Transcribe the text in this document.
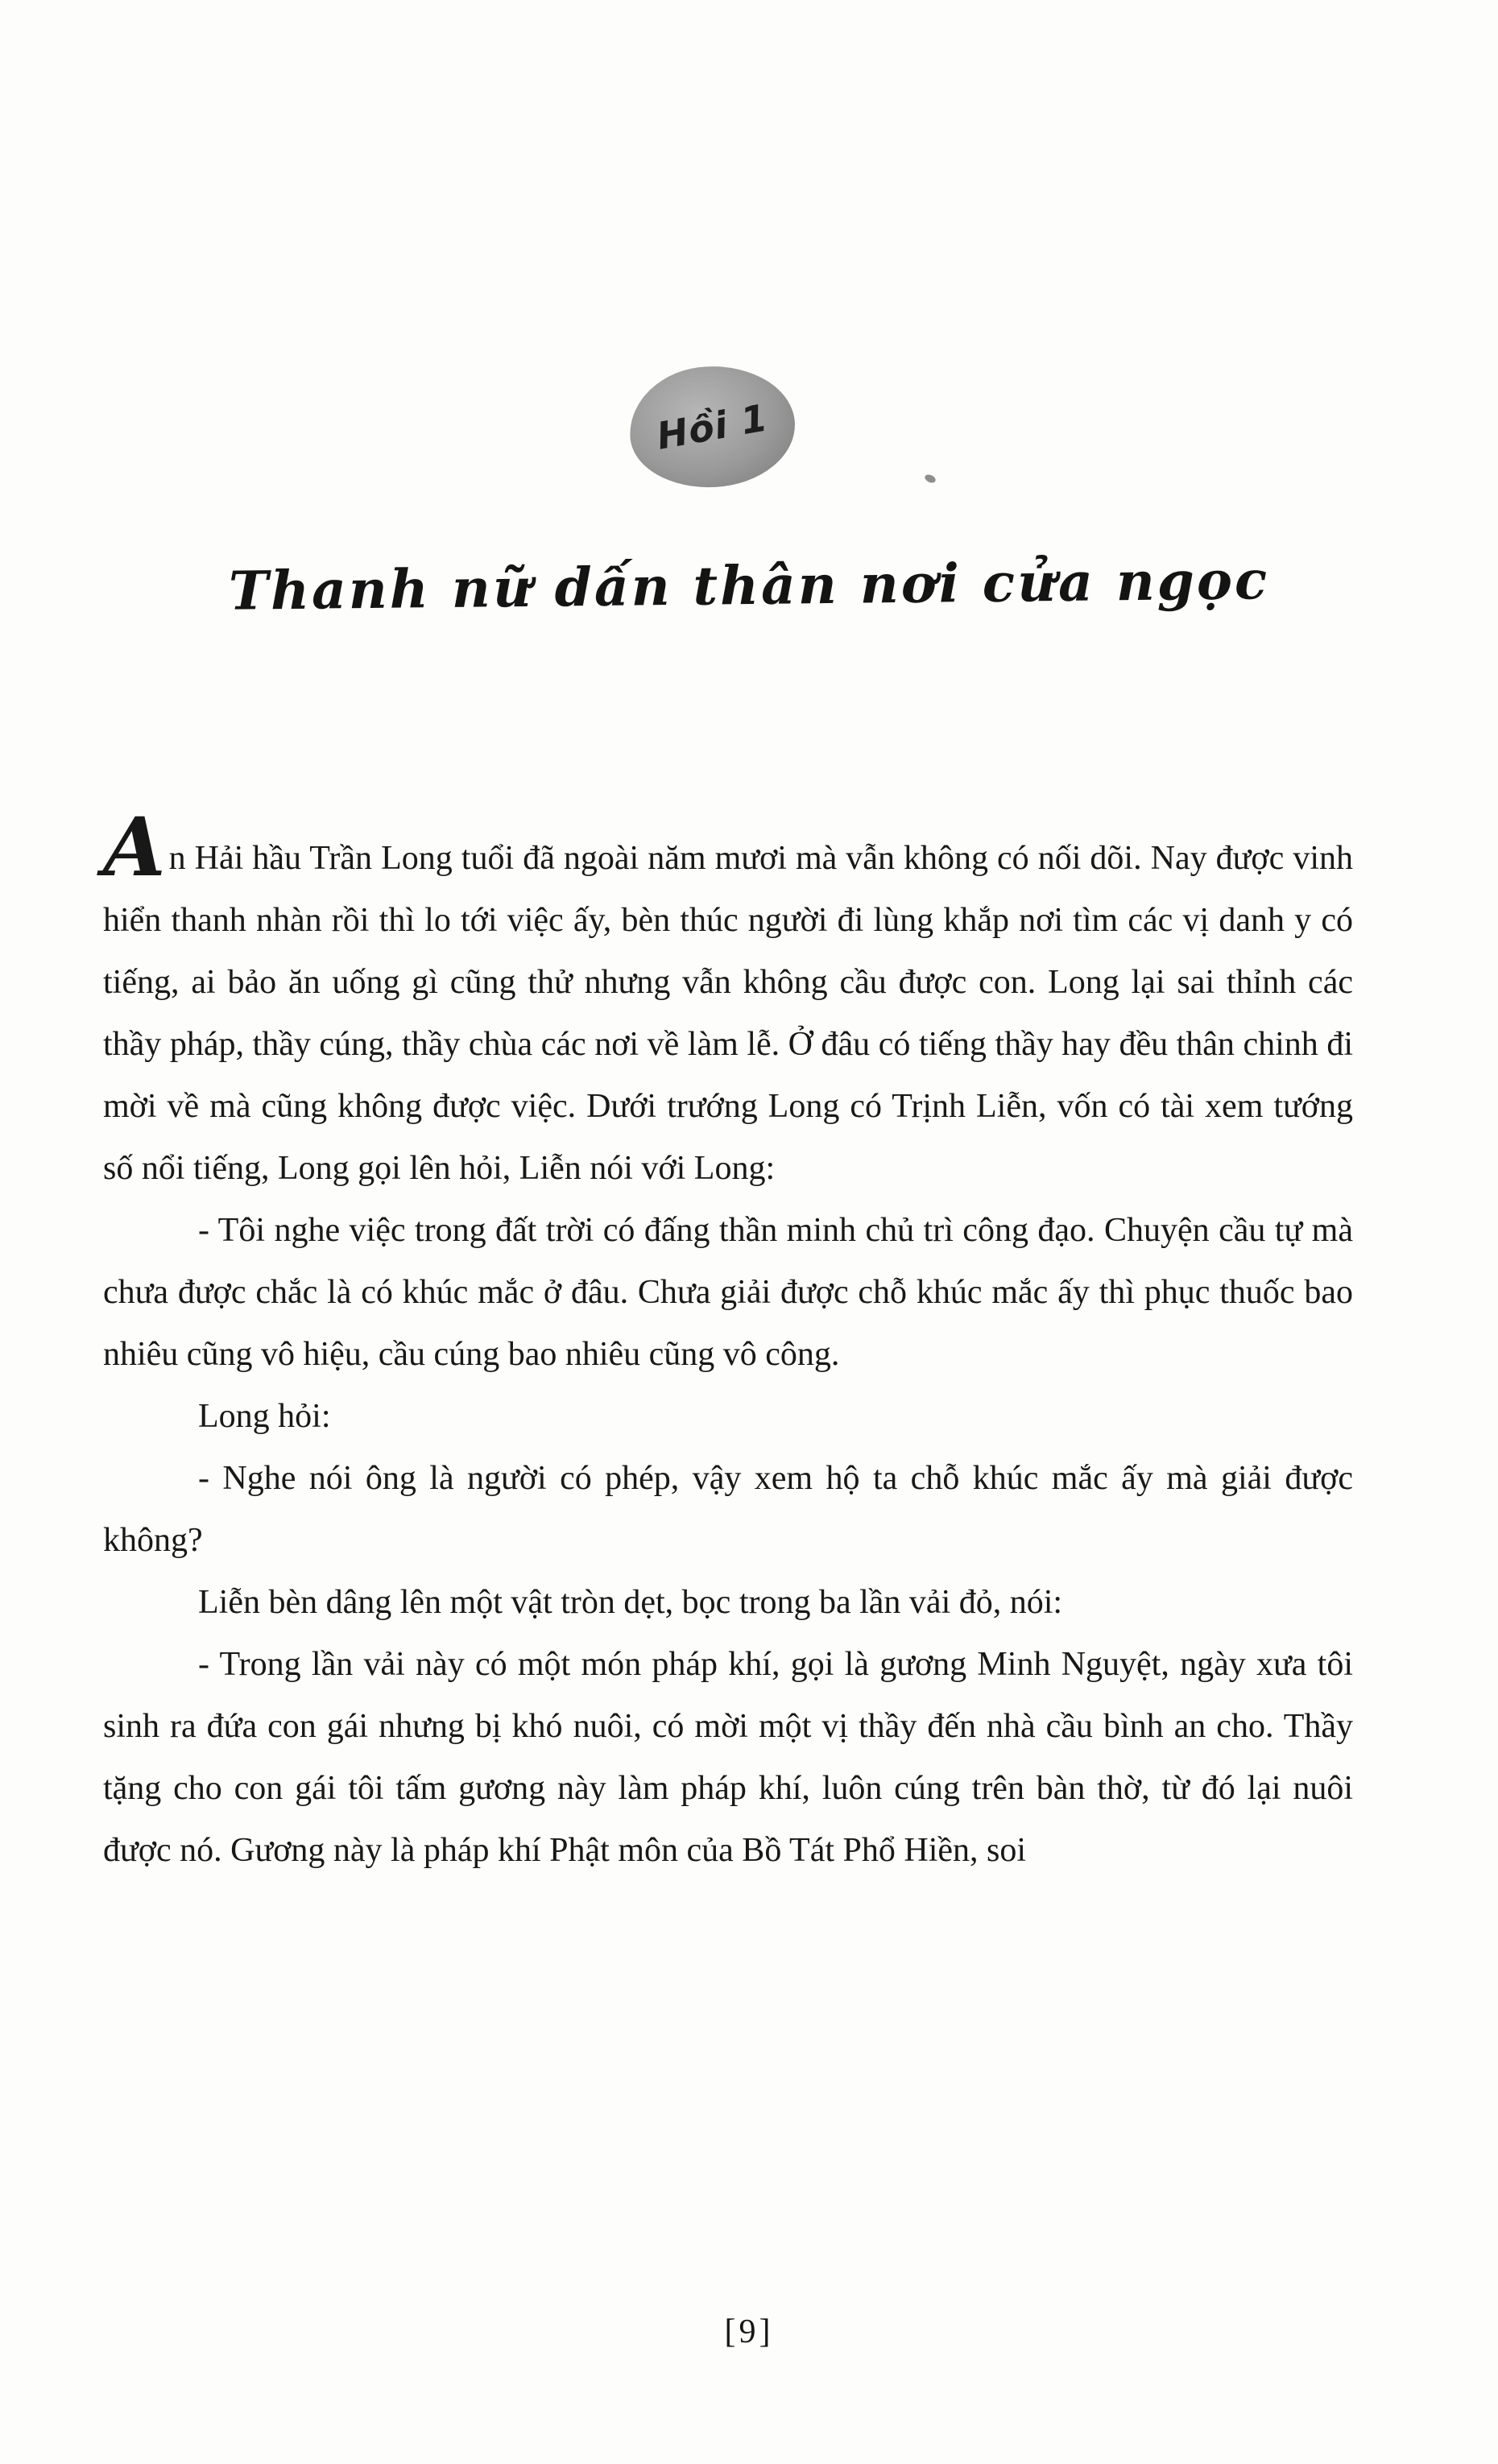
Hồi 1
Thanh nữ dấn thân nơi cửa ngọc

An Hải hầu Trần Long tuổi đã ngoài năm mươi mà vẫn không có nối dõi. Nay được vinh hiển thanh nhàn rồi thì lo tới việc ấy, bèn thúc người đi lùng khắp nơi tìm các vị danh y có tiếng, ai bảo ăn uống gì cũng thử nhưng vẫn không cầu được con. Long lại sai thỉnh các thầy pháp, thầy cúng, thầy chùa các nơi về làm lễ. Ở đâu có tiếng thầy hay đều thân chinh đi mời về mà cũng không được việc. Dưới trướng Long có Trịnh Liễn, vốn có tài xem tướng số nổi tiếng, Long gọi lên hỏi, Liễn nói với Long:

- Tôi nghe việc trong đất trời có đấng thần minh chủ trì công đạo. Chuyện cầu tự mà chưa được chắc là có khúc mắc ở đâu. Chưa giải được chỗ khúc mắc ấy thì phục thuốc bao nhiêu cũng vô hiệu, cầu cúng bao nhiêu cũng vô công.

Long hỏi:

- Nghe nói ông là người có phép, vậy xem hộ ta chỗ khúc mắc ấy mà giải được không?

Liễn bèn dâng lên một vật tròn dẹt, bọc trong ba lần vải đỏ, nói:

- Trong lần vải này có một món pháp khí, gọi là gương Minh Nguyệt, ngày xưa tôi sinh ra đứa con gái nhưng bị khó nuôi, có mời một vị thầy đến nhà cầu bình an cho. Thầy tặng cho con gái tôi tấm gương này làm pháp khí, luôn cúng trên bàn thờ, từ đó lại nuôi được nó. Gương này là pháp khí Phật môn của Bồ Tát Phổ Hiền, soi

[9]
